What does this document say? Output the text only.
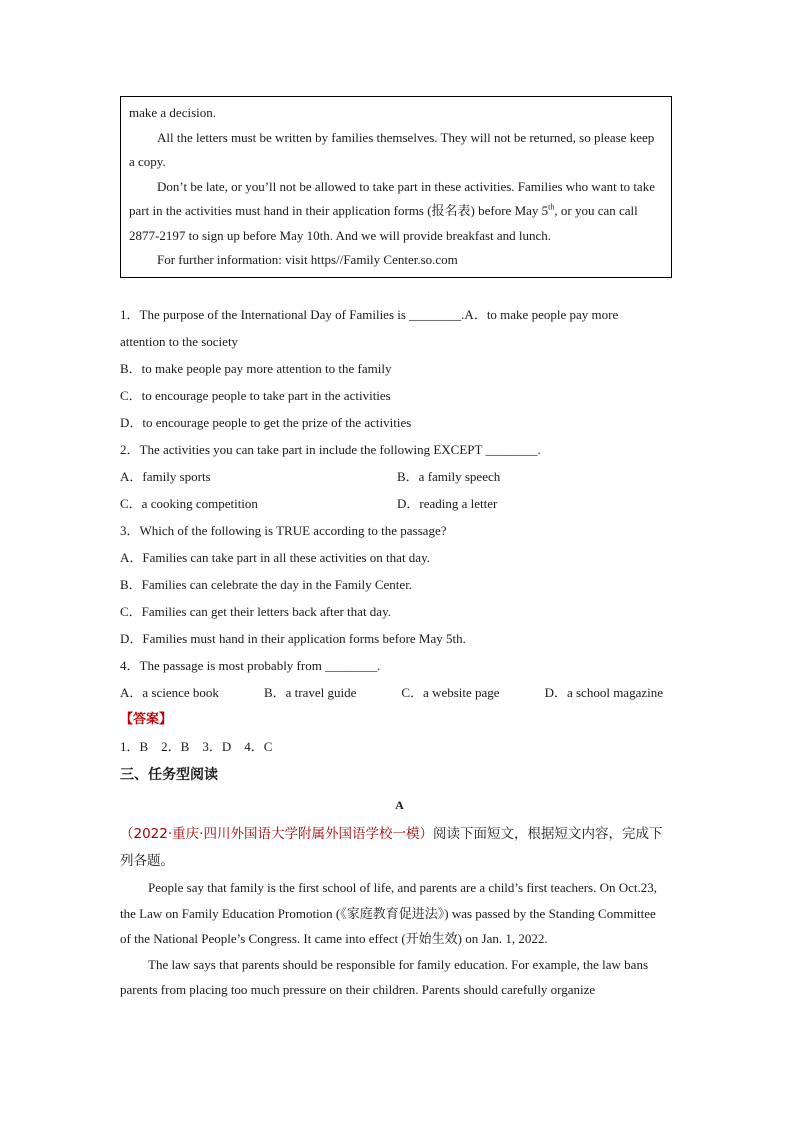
make a decision.

All the letters must be written by families themselves. They will not be returned, so please keep a copy.

Don’t be late, or you’ll not be allowed to take part in these activities. Families who want to take part in the activities must hand in their application forms (报名表) before May 5th, or you can call 2877-2197 to sign up before May 10th. And we will provide breakfast and lunch.

For further information: visit https//Family Center.so.com

1．The purpose of the International Day of Families is ________.A．to make people pay more attention to the society

B．to make people pay more attention to the family

C．to encourage people to take part in the activities

D．to encourage people to get the prize of the activities

2．The activities you can take part in include the following EXCEPT ________.

A．family sports	B．a family speech
C．a cooking competition	D．reading a letter

3．Which of the following is TRUE according to the passage?

A．Families can take part in all these activities on that day.

B．Families can celebrate the day in the Family Center.

C．Families can get their letters back after that day.

D．Families must hand in their application forms before May 5th.

4．The passage is most probably from ________.

A．a science book	B．a travel guide	C．a website page	D．a school magazine

【答案】

1．B　2．B　3．D　4．C

三、任务型阅读

A

（2022·重庆·四川外国语大学附属外国语学校一模）阅读下面短文，根据短文内容，完成下列各题。

People say that family is the first school of life, and parents are a child’s first teachers. On Oct.23, the Law on Family Education Promotion (《家庭教育促进法》) was passed by the Standing Committee of the National People’s Congress. It came into effect (开始生效) on Jan. 1, 2022.

The law says that parents should be responsible for family education. For example, the law bans parents from placing too much pressure on their children. Parents should carefully organize
